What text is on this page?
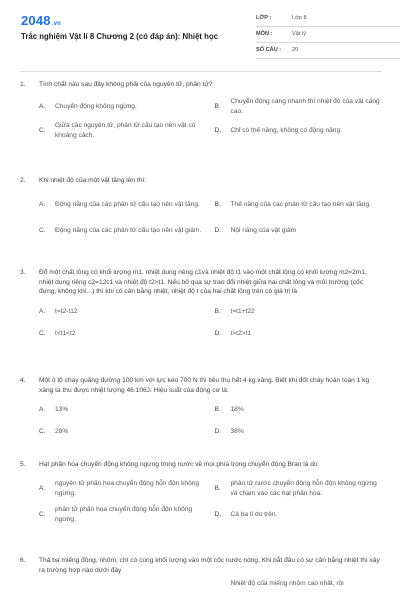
2048.vn
Trắc nghiệm Vật lí 8 Chương 2 (có đáp án): Nhiệt học
LỚP :	Lớp 8
MÔN :	Vật lý
SỐ CÂU :	20
1.	Tính chất nào sau đây không phải của nguyên tử, phân tử?
A.	Chuyển động không ngừng.	B.
Chuyển động càng nhanh thì nhiệt độ của vật càng cao.
C.
Giữa các nguyên tử, phân tử cấu tạo nên vật có khoảng cách.
D.	Chỉ có thế năng, không có động năng.
2.	Khi nhiệt độ của một vật tăng lên thì:
A.	Động năng của các phân tử cấu tạo nên vật tăng.	B.	Thế năng của các phân tử cấu tạo nên vật tăng.
C.	Động năng của các phân tử cấu tạo nên vật giảm.	D.	Nội năng của vật giảm
3.	Đổ một chất lỏng có khối lượng m1, nhiệt dung riêng c1và nhiệt độ t1 vào một chất lỏng có khối lượng m2=2m1, nhiệt dung riêng c2=12c1 và nhiệt độ t2>t1. Nếu bỏ qua sự trao đổi nhiệt giữa hai chất lỏng và môi trường (cốc đựng, không khí...) thì khi có cân bằng nhiệt, nhiệt độ t của hai chất lỏng trên có giá trị là
A.	t=t2-t12	B.	t=t1+t22
C.	t<t1<t2	D.	t>t2>t1
4.	Một ô tô chạy quãng đường 100 km với lực kéo 700 N thì tiêu thụ hết 4 kg xăng. Biết khi đốt cháy hoàn toàn 1 kg xăng ta thu được nhiệt lượng 46.106J. Hiệu suất của động cơ là:
A.	13%	B.	18%
C.	28%	D.	38%
5.	Hạt phấn hoa chuyển động không ngừng trong nước về mọi phía trong chuyển động Brao là do:
A.
nguyên tử phấn hoa chuyển động hỗn độn không ngừng.
B.
phân tử nước chuyển động hỗn độn không ngừng và chạm vào các hạt phấn hoa.
C.
phân tử phấn hoa chuyển động hỗn độn không ngừng.
D.	Cả ba lí do trên.
6.	Thả ba miếng đồng, nhôm, chì có cùng khối lượng vào một cốc nước nóng. Khi bắt đầu có sự cân bằng nhiệt thì xảy ra trường hợp nào dưới đây
Nhiệt độ của miếng nhôm cao nhất, rồi
